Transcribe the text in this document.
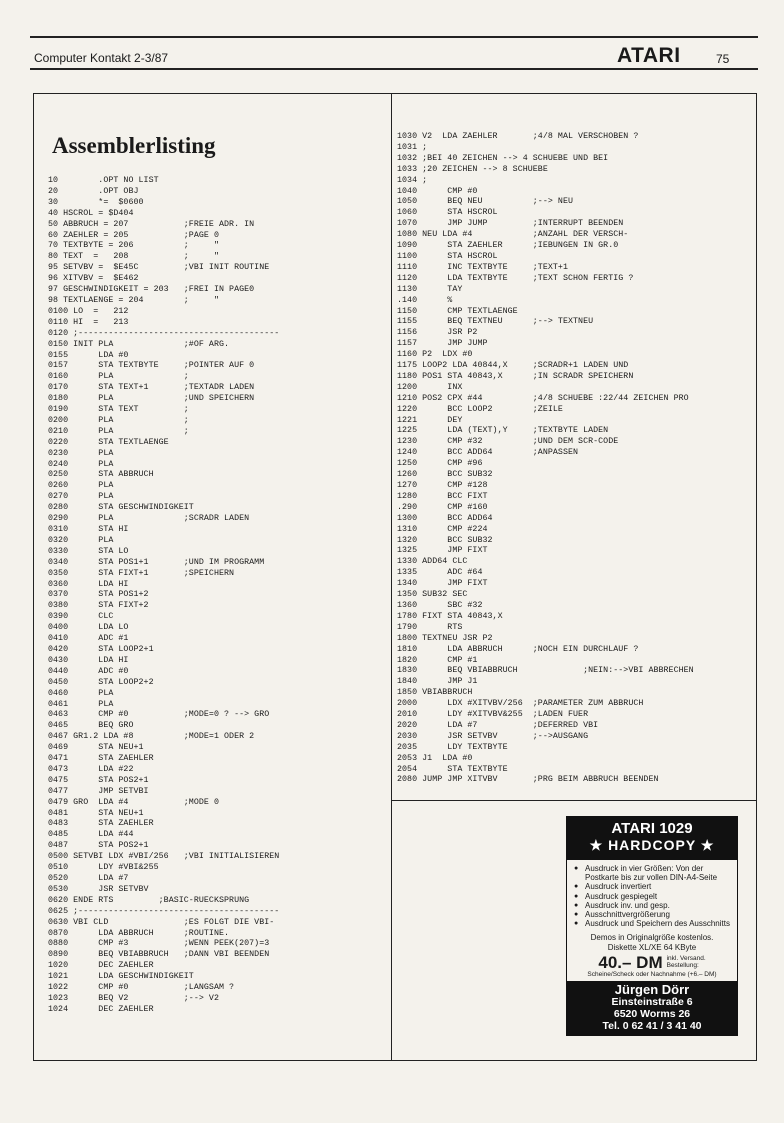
Computer Kontakt 2-3/87	ATARI	75
Assemblerlisting
10        .OPT NO LIST
20        .OPT OBJ
30        *=  $0600
40 HSCROL = $D404
50 ABBRUCH = 207           ;FREIE ADR. IN
60 ZAEHLER = 205           ;PAGE 0
70 TEXTBYTE = 206          ;     "
80 TEXT  =   208           ;     "
95 SETVBV =  $E45C         ;VBI INIT ROUTINE
96 XITVBV =  $E462
97 GESCHWINDIGKEIT = 203   ;FREI IN PAGE0
98 TEXTLAENGE = 204        ;     "
0100 LO  =   212
0110 HI  =   213
0120 ;----------------------------------------
0150 INIT PLA              ;#OF ARG.
0155      LDA #0
0157      STA TEXTBYTE     ;POINTER AUF 0
0160      PLA              ;
0170      STA TEXT+1       ;TEXTADR LADEN
0180      PLA              ;UND SPEICHERN
0190      STA TEXT         ;
0200      PLA              ;
0210      PLA              ;
0220      STA TEXTLAENGE
0230      PLA
0240      PLA
0250      STA ABBRUCH
0260      PLA
0270      PLA
0280      STA GESCHWINDIGKEIT
0290      PLA              ;SCRADR LADEN
0310      STA HI
0320      PLA
0330      STA LO
0340      STA POS1+1       ;UND IM PROGRAMM
0350      STA FIXT+1       ;SPEICHERN
0360      LDA HI
0370      STA POS1+2
0380      STA FIXT+2
0390      CLC
0400      LDA LO
0410      ADC #1
0420      STA LOOP2+1
0430      LDA HI
0440      ADC #0
0450      STA LOOP2+2
0460      PLA
0461      PLA
0463      CMP #0           ;MODE=0 ? --> GRO
0465      BEQ GRO
0467 GR1.2 LDA #8          ;MODE=1 ODER 2
0469      STA NEU+1
0471      STA ZAEHLER
0473      LDA #22
0475      STA POS2+1
0477      JMP SETVBI
0479 GRO  LDA #4           ;MODE 0
0481      STA NEU+1
0483      STA ZAEHLER
0485      LDA #44
0487      STA POS2+1
0500 SETVBI LDX #VBI/256   ;VBI INITIALISIEREN
0510      LDY #VBI&255
0520      LDA #7
0530      JSR SETVBV
0620 ENDE RTS         ;BASIC-RUECKSPRUNG
0625 ;----------------------------------------
0630 VBI CLD               ;ES FOLGT DIE VBI-
0870      LDA ABBRUCH      ;ROUTINE.
0880      CMP #3           ;WENN PEEK(207)=3
0890      BEQ VBIABBRUCH   ;DANN VBI BEENDEN
1020      DEC ZAEHLER
1021      LDA GESCHWINDIGKEIT
1022      CMP #0           ;LANGSAM ?
1023      BEQ V2           ;--> V2
1024      DEC ZAEHLER
1030 V2  LDA ZAEHLER       ;4/8 MAL VERSCHOBEN ?
1031 ;
1032 ;BEI 40 ZEICHEN --> 4 SCHUEBE UND BEI
1033 ;20 ZEICHEN --> 8 SCHUEBE
1034 ;
1040      CMP #0
1050      BEQ NEU          ;--> NEU
1060      STA HSCROL
1070      JMP JUMP         ;INTERRUPT BEENDEN
1080 NEU LDA #4            ;ANZAHL DER VERSCH-
1090      STA ZAEHLER      ;IEBUNGEN IN GR.0
1100      STA HSCROL
1110      INC TEXTBYTE     ;TEXT+1
1120      LDA TEXTBYTE     ;TEXT SCHON FERTIG ?
1130      TAY
.140      %
1150      CMP TEXTLAENGE
1155      BEQ TEXTNEU      ;--> TEXTNEU
1156      JSR P2
1157      JMP JUMP
1160 P2  LDX #0
1175 LOOP2 LDA 40844,X     ;SCRADR+1 LADEN UND
1180 POS1 STA 40843,X      ;IN SCRADR SPEICHERN
1200      INX
1210 POS2 CPX #44          ;4/8 SCHUEBE :22/44 ZEICHEN PRO
1220      BCC LOOP2        ;ZEILE
1221      DEY
1225      LDA (TEXT),Y     ;TEXTBYTE LADEN
1230      CMP #32          ;UND DEM SCR-CODE
1240      BCC ADD64        ;ANPASSEN
1250      CMP #96
1260      BCC SUB32
1270      CMP #128
1280      BCC FIXT
.290      CMP #160
1300      BCC ADD64
1310      CMP #224
1320      BCC SUB32
1325      JMP FIXT
1330 ADD64 CLC
1335      ADC #64
1340      JMP FIXT
1350 SUB32 SEC
1360      SBC #32
1780 FIXT STA 40843,X
1790      RTS
1800 TEXTNEU JSR P2
1810      LDA ABBRUCH      ;NOCH EIN DURCHLAUF ?
1820      CMP #1
1830      BEQ VBIABBRUCH             ;NEIN:-->VBI ABBRECHEN
1840      JMP J1
1850 VBIABBRUCH
2000      LDX #XITVBV/256  ;PARAMETER ZUM ABBRUCH
2010      LDY #XITVBV&255  ;LADEN FUER
2020      LDA #7           ;DEFERRED VBI
2030      JSR SETVBV       ;-->AUSGANG
2035      LDY TEXTBYTE
2053 J1  LDA #0
2054      STA TEXTBYTE
2080 JUMP JMP XITVBV       ;PRG BEIM ABBRUCH BEENDEN
ATARI 1029
★ HARDCOPY ★
● Ausdruck in vier Größen: Von der Postkarte bis zur vollen DIN-A4-Seite
● Ausdruck invertiert
● Ausdruck gespiegelt
● Ausdruck inv. und gesp.
● Ausschnittvergrößerung
● Ausdruck und Speichern des Ausschnitts
Demos in Originalgröße kostenlos.
Diskette XL/XE 64 KByte
40.– DM inkl. Versand.
Bestellung:
Scheine/Scheck oder Nachnahme (+6.– DM)
Jürgen Dörr
Einsteinstraße 6
6520 Worms 26
Tel. 0 62 41 / 3 41 40
